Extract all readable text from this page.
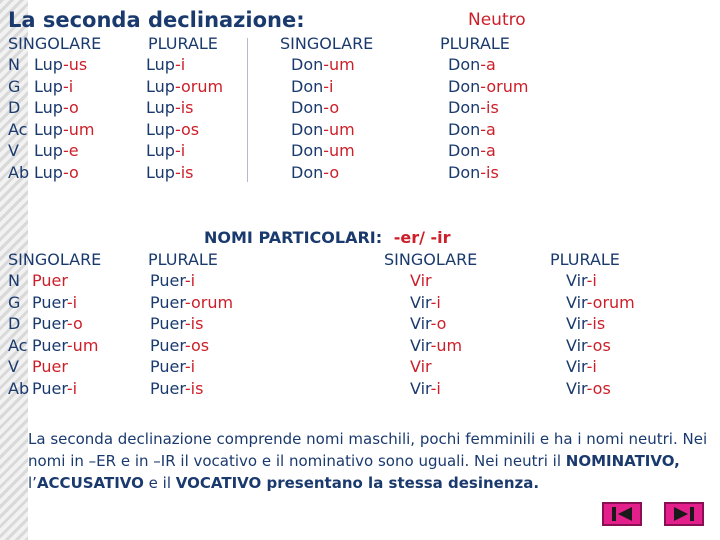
La seconda declinazione:	Neutro
SINGOLARE	PLURALE	SINGOLARE	PLURALE
N Lup-us	Lup-i	Don-um	Don-a
G Lup-i	Lup-orum	Don-i	Don-orum
D Lup-o	Lup-is	Don-o	Don-is
Ac Lup-um	Lup-os	Don-um	Don-a
V Lup-e	Lup-i	Don-um	Don-a
Ab Lup-o	Lup-is	Don-o	Don-is
NOMI PARTICOLARI: -er/ -ir
SINGOLARE	PLURALE	SINGOLARE	PLURALE
N Puer	Puer-i	Vir	Vir-i
G Puer-i	Puer-orum	Vir-i	Vir-orum
D Puer-o	Puer-is	Vir-o	Vir-is
Ac Puer-um	Puer-os	Vir-um	Vir-os
V Puer	Puer-i	Vir	Vir-i
Ab Puer-i	Puer-is	Vir-i	Vir-os
La seconda declinazione comprende nomi maschili, pochi femminili e ha i nomi neutri. Nei nomi in –ER e in –IR il vocativo e il nominativo sono uguali. Nei neutri il NOMINATIVO, l’ACCUSATIVO e il VOCATIVO presentano la stessa desinenza.
